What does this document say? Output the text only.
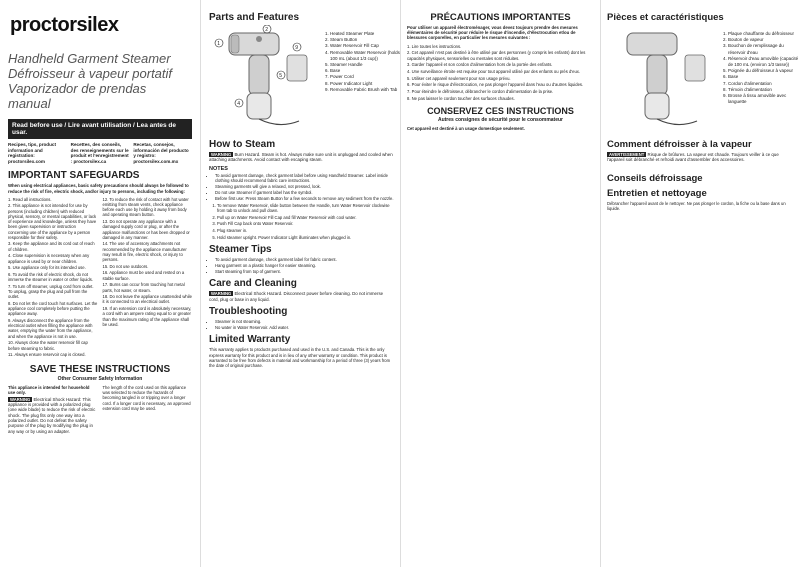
proctorsilex
Handheld Garment Steamer
Défroisseur à vapeur portatif
Vaporizador de prendas manual
Read before use / Lire avant utilisation / Lea antes de usar.
Recipes, tips, product information and registration: proctorsilex.com
Recettes, des conseils, des renseignements sur le produit et l'enregistrement : proctorsilex.ca
Recetas, consejos, información del producto y registro: proctorsilex.com.mx
IMPORTANT SAFEGUARDS

When using electrical appliances, basic safety precautions should always be followed to reduce the risk of fire, electric shock, and/or injury to persons, including the following:

1. Read all instructions.

2. This appliance is not intended for use by persons (including children) with reduced physical, sensory, or mental capabilities, or lack of experience and knowledge, unless they have been given supervision or instruction concerning use of the appliance by a person responsible for their safety.

3. Keep the appliance and its cord out of reach of children.

4. Close supervision is necessary when any appliance is used by or near children.

5. Use appliance only for its intended use.

6. To avoid the risk of electric shock, do not immerse the steamer in water or other liquids.

7. To turn off steamer, unplug cord from outlet. To unplug, grasp the plug and pull from the outlet.

8. Do not let the cord touch hot surfaces. Let the appliance cool completely before putting the appliance away.

9. Always disconnect the appliance from the electrical outlet when filling the appliance with water, emptying the water from the appliance, and when the appliance is not in use.

10. Always close the water reservoir fill cap before steaming to fabric.

11. Always ensure reservoir cap is closed.

12. To reduce the risk of contact with hot water emitting from steam vents, check appliance before each use by holding it away from body and operating steam button.

13. Do not operate any appliance with a damaged supply cord or plug, or after the appliance malfunctions or has been dropped or damaged in any manner.

14. The use of accessory attachments not recommended by the appliance manufacturer may result in fire, electric shock, or injury to persons.

15. Do not use outdoors.

16. Appliance must be used and rested on a stable surface.

17. Burns can occur from touching hot metal parts, hot water, or steam.

18. Do not leave the appliance unattended while it is connected to an electrical outlet.

19. If an extension cord is absolutely necessary, a cord with an ampere rating equal to or greater than the maximum rating of the appliance shall be used.

SAVE THESE INSTRUCTIONS
Other Consumer Safety Information

This appliance is intended for household use only.

WARNING Electrical Shock Hazard: This appliance is provided with a polarized plug (one wide blade) to reduce the risk of electric shock. The plug fits only one way into a polarized outlet. Do not defeat the safety purpose of the plug by modifying the plug in any way or by using an adapter.

The length of the cord used on this appliance was selected to reduce the hazards of becoming tangled in or tripping over a longer cord. If a longer cord is necessary, an approved extension cord may be used.

Parts and Features
1
2
4
5
9
1. Heated Steamer Plate
2. Steam Button
3. Water Reservoir Fill Cap
4. Removable Water Reservoir (holds 100 mL (about 1/3 cup))
5. Steamer Handle
6. Base
7. Power Cord
8. Power Indicator Light
9. Removable Fabric Brush with Tab
How to Steam

WARNING Burn Hazard. Steam is hot. Always make sure unit is unplugged and cooled when attaching attachments. Avoid contact with escaping steam.

NOTES
• To avoid garment damage, check garment label before using Handheld Steamer. Label inside clothing should recommend fabric care instructions.
• Steaming garments will give a relaxed, not pressed, look.
• Do not use Steamer if garment label has the symbol.
• Before first use: Press Steam Button for a few seconds to remove any sediment from the nozzle.
1. To remove Water Reservoir, slide button between the Handle, turn Water Reservoir clockwise from tab to unlock and pull down.
2. Pull up on Water Reservoir Fill Cap and fill Water Reservoir with cool water.
3. Push Fill Cap back onto Water Reservoir.
4. Plug steamer in.
5. Hold steamer upright. Power Indicator Light illuminates when plugged in.
Steamer Tips
• To avoid garment damage, check garment label for fabric content.
• Hang garment on a plastic hanger for easier steaming.
• Start steaming from top of garment.
Care and Cleaning

WARNING Electrical Shock Hazard. Disconnect power before cleaning. Do not immerse cord, plug or base in any liquid.

Troubleshooting
• Steamer is not steaming.
• No water in Water Reservoir. Add water.
Limited Warranty

This warranty applies to products purchased and used in the U.S. and Canada. This is the only express warranty for this product and is in lieu of any other warranty or condition. This product is warranted to be free from defects in material and workmanship for a period of three (3) years from the date of original purchase.

PRÉCAUTIONS IMPORTANTES

Pour utiliser un appareil électroménager, vous devez toujours prendre des mesures élémentaires de sécurité pour réduire le risque d'incendie, d'électrocution et/ou de blessures corporelles, en particulier les mesures suivantes :

1. Lire toutes les instructions.

2. Cet appareil n'est pas destiné à être utilisé par des personnes (y compris les enfants) dont les capacités physiques, sensorielles ou mentales sont réduites.

3. Garder l'appareil et son cordon d'alimentation hors de la portée des enfants.

4. Une surveillance étroite est requise pour tout appareil utilisé par des enfants ou près d'eux.

5. Utiliser cet appareil seulement pour son usage prévu.

6. Pour éviter le risque d'électrocution, ne pas plonger l'appareil dans l'eau ou d'autres liquides.

7. Pour éteindre le défroisseur, débrancher le cordon d'alimentation de la prise.

8. Ne pas laisser le cordon toucher des surfaces chaudes.

CONSERVEZ CES INSTRUCTIONS
Autres consignes de sécurité pour le consommateur

Cet appareil est destiné à un usage domestique seulement.

Pièces et caractéristiques
1. Plaque chauffante du défroisseur
2. Bouton de vapeur
3. Bouchon de remplissage du réservoir d'eau
4. Réservoir d'eau amovible (capacité de 100 mL (environ 1/3 tasse))
5. Poignée du défroisseur à vapeur
6. Base
7. Cordon d'alimentation
8. Témoin d'alimentation
9. Brosse à tissu amovible avec languette
Comment défroisser à la vapeur

AVERTISSEMENT Risque de brûlures. La vapeur est chaude. Toujours veiller à ce que l'appareil soit débranché et refroidi avant d'assembler des accessoires.

Conseils défroissage
Entretien et nettoyage

Débrancher l'appareil avant de le nettoyer. Ne pas plonger le cordon, la fiche ou la base dans un liquide.
